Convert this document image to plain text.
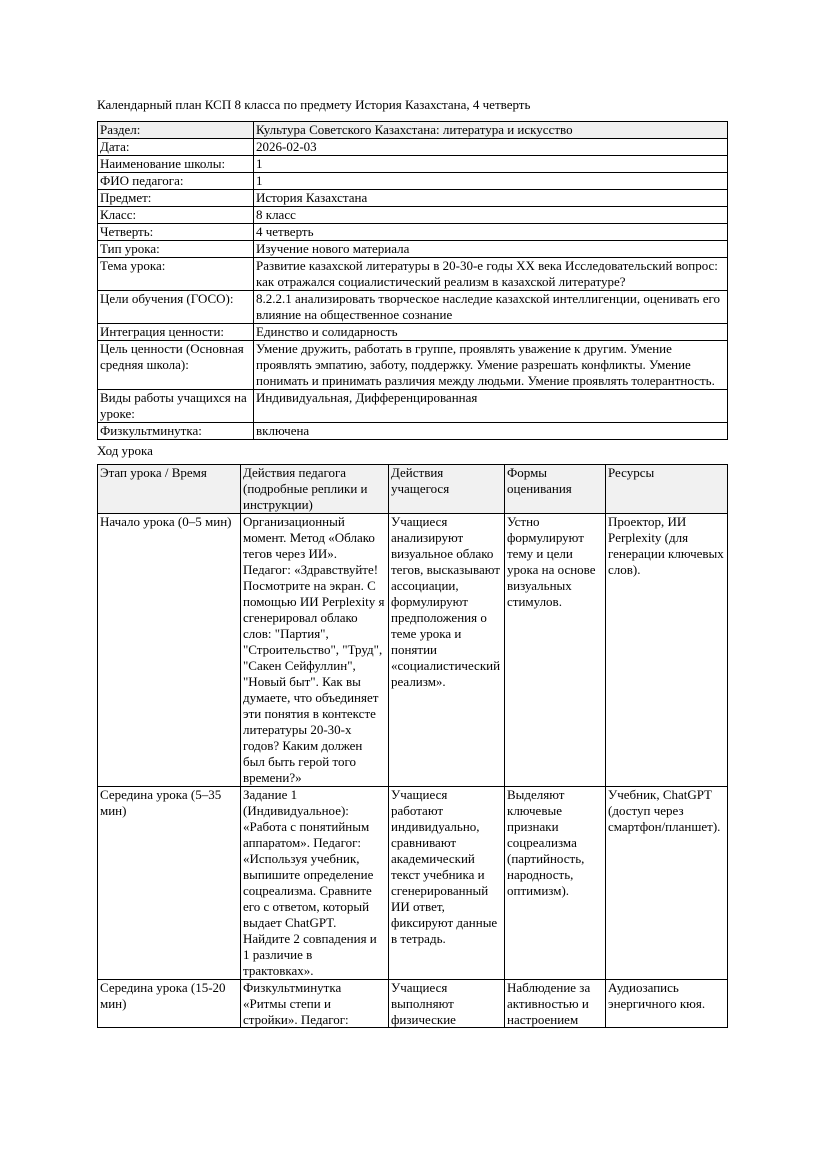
Календарный план КСП 8 класса по предмету История Казахстана, 4 четверть

Раздел:	Культура Советского Казахстана: литература и искусство
Дата:	2026-02-03
Наименование школы:	1
ФИО педагога:	1
Предмет:	История Казахстана
Класс:	8 класс
Четверть:	4 четверть
Тип урока:	Изучение нового материала
Тема урока:	Развитие казахской литературы в 20-30-е годы XX века Исследовательский вопрос: как отражался социалистический реализм в казахской литературе?
Цели обучения (ГОСО):	8.2.2.1 анализировать творческое наследие казахской интеллигенции, оценивать его влияние на общественное сознание
Интеграция ценности:	Единство и солидарность
Цель ценности (Основная средняя школа):	Умение дружить, работать в группе, проявлять уважение к другим. Умение проявлять эмпатию, заботу, поддержку. Умение разрешать конфликты. Умение понимать и принимать различия между людьми. Умение проявлять толерантность.
Виды работы учащихся на уроке:	Индивидуальная, Дифференцированная
Физкультминутка:	включена

Ход урока

Этап урока / Время	Действия педагога (подробные реплики и инструкции)	Действия учащегося	Формы оценивания	Ресурсы
Начало урока (0–5 мин)	Организационный момент. Метод «Облако тегов через ИИ». Педагог: «Здравствуйте! Посмотрите на экран. С помощью ИИ Perplexity я сгенерировал облако слов: "Партия", "Строительство", "Труд", "Сакен Сейфуллин", "Новый быт". Как вы думаете, что объединяет эти понятия в контексте литературы 20-30-х годов? Каким должен был быть герой того времени?»	Учащиеся анализируют визуальное облако тегов, высказывают ассоциации, формулируют предположения о теме урока и понятии «социалистический реализм».	Устно формулируют тему и цели урока на основе визуальных стимулов.	Проектор, ИИ Perplexity (для генерации ключевых слов).
Середина урока (5–35 мин)	Задание 1 (Индивидуальное): «Работа с понятийным аппаратом». Педагог: «Используя учебник, выпишите определение соцреализма. Сравните его с ответом, который выдает ChatGPT. Найдите 2 совпадения и 1 различие в трактовках».	Учащиеся работают индивидуально, сравнивают академический текст учебника и сгенерированный ИИ ответ, фиксируют данные в тетрадь.	Выделяют ключевые признаки соцреализма (партийность, народность, оптимизм).	Учебник, ChatGPT (доступ через смартфон/планшет).

Середина урока (15-20 мин)	Физкультминутка «Ритмы степи и стройки». Педагог:	Учащиеся выполняют физические	Наблюдение за активностью и настроением	Аудиозапись энергичного кюя.
